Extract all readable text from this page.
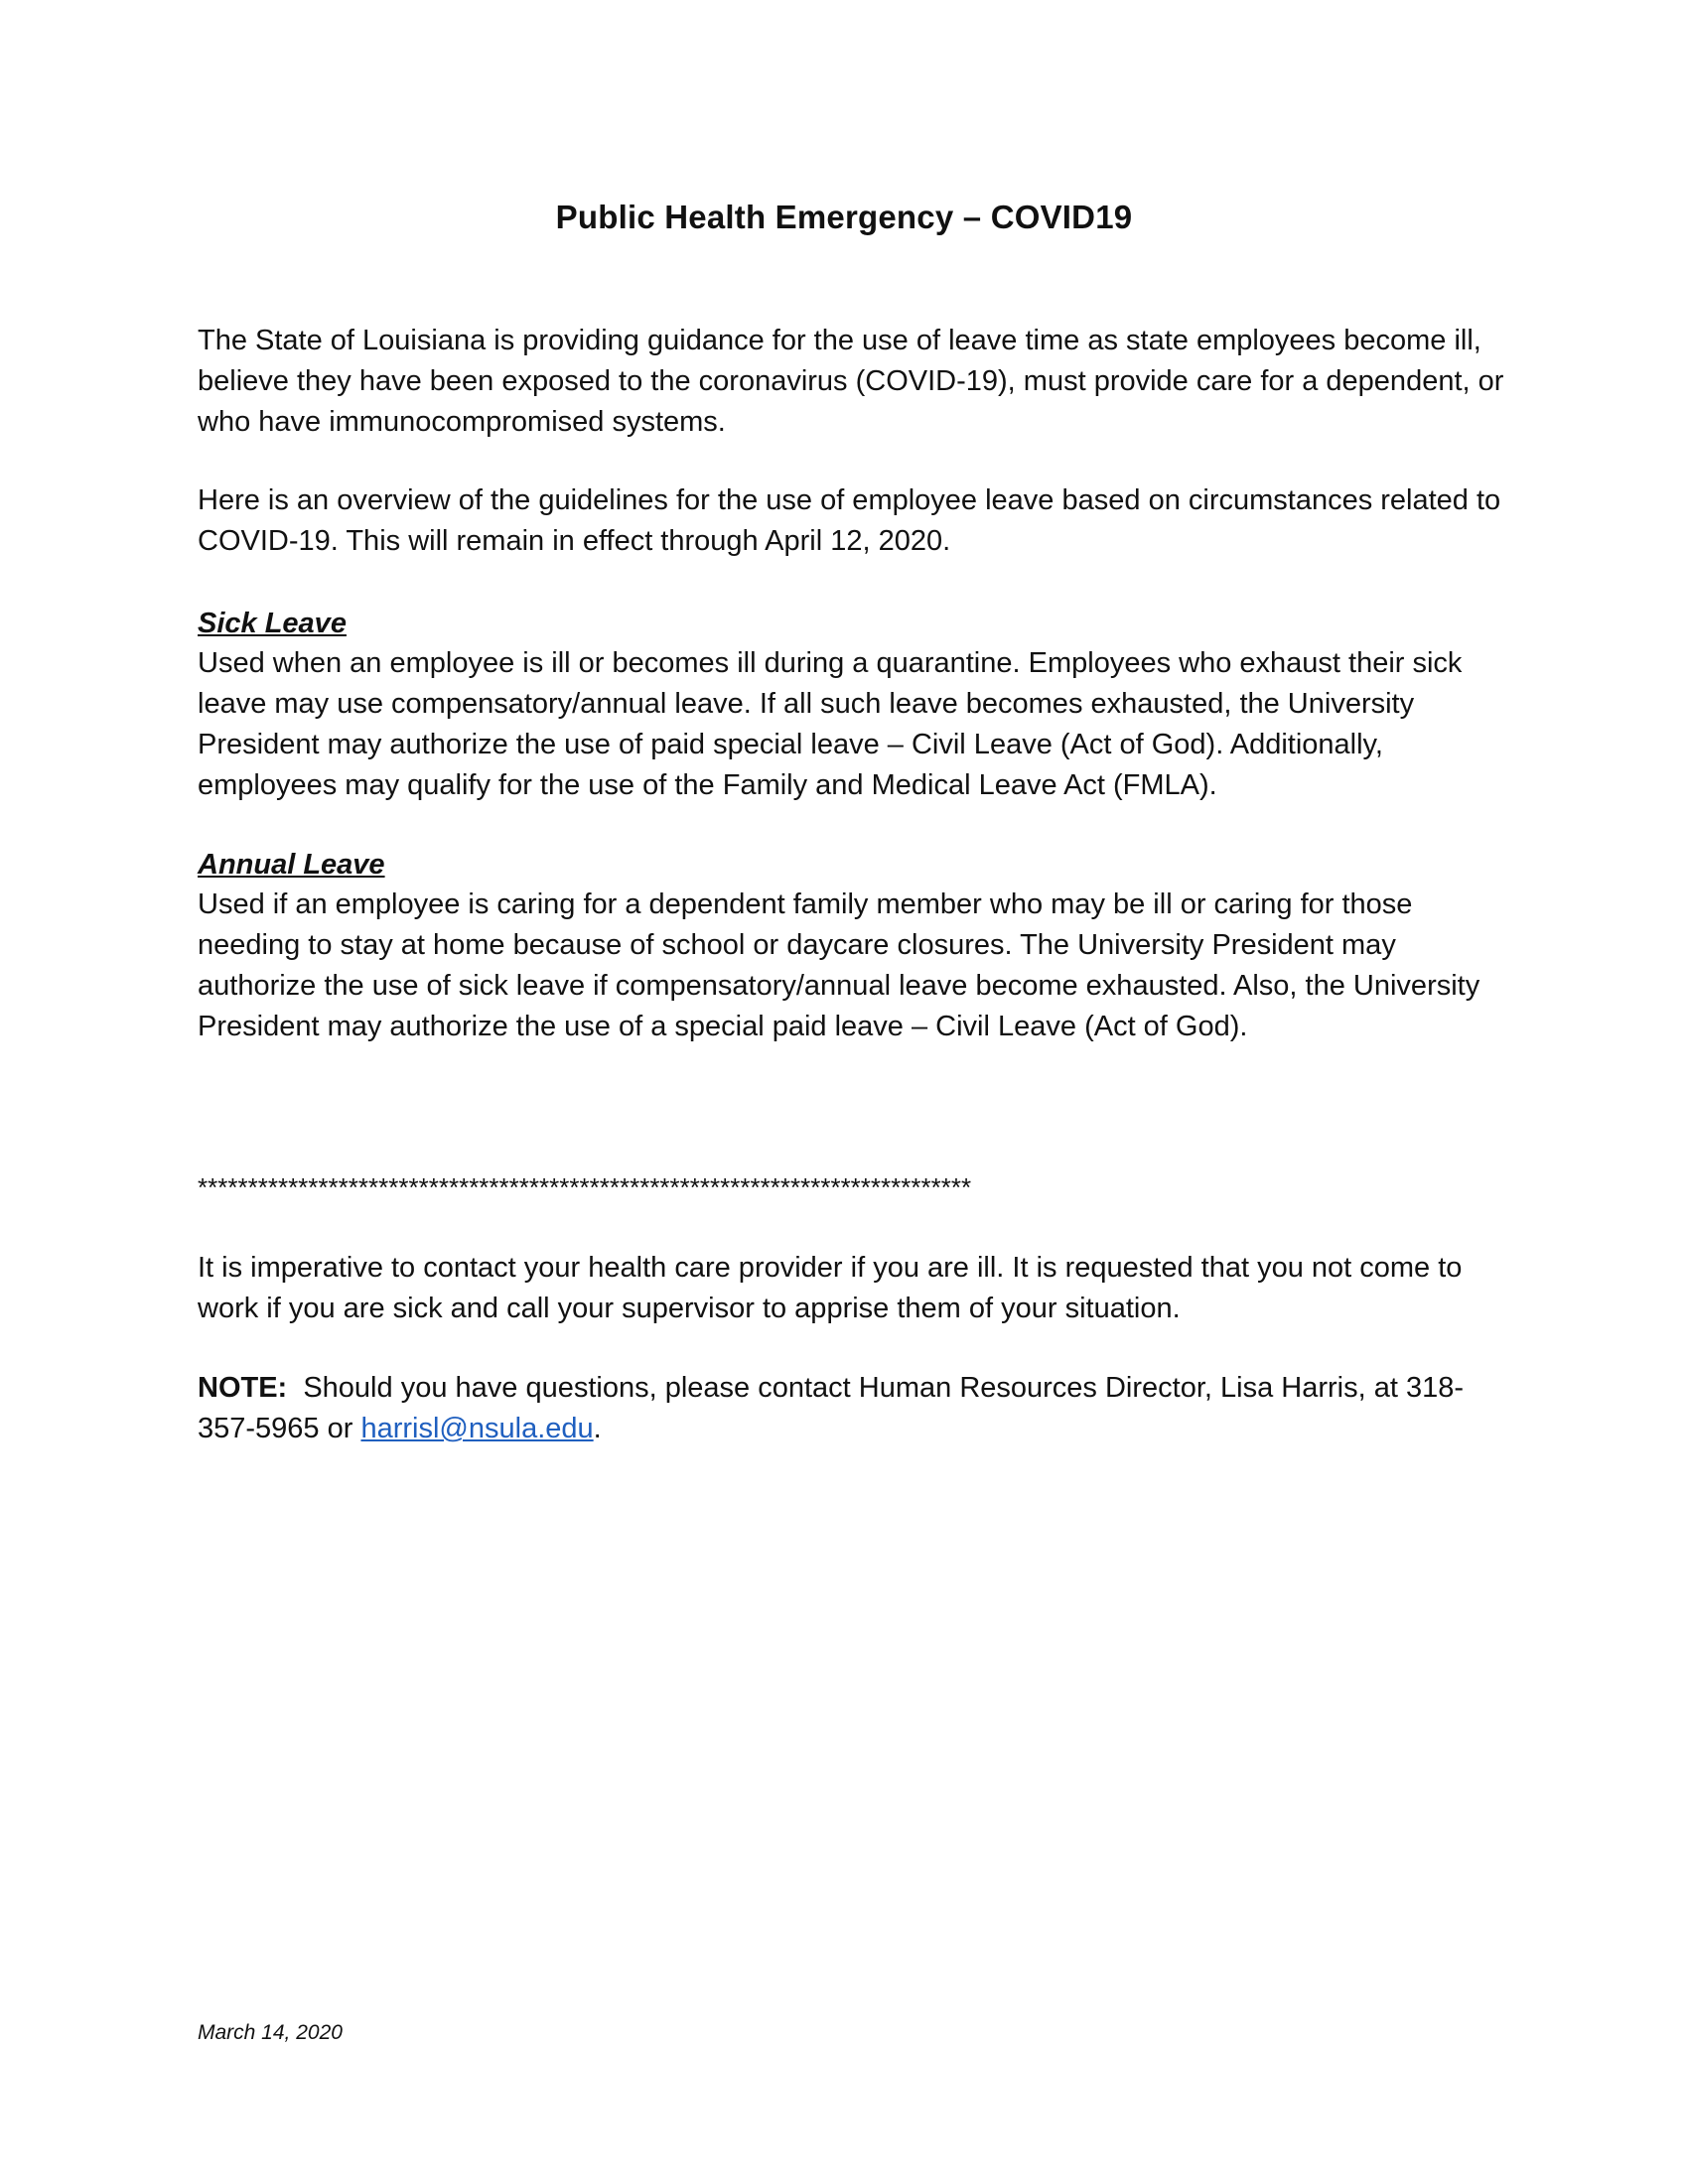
Public Health Emergency – COVID19

The State of Louisiana is providing guidance for the use of leave time as state employees become ill, believe they have been exposed to the coronavirus (COVID-19), must provide care for a dependent, or who have immunocompromised systems.

Here is an overview of the guidelines for the use of employee leave based on circumstances related to COVID-19. This will remain in effect through April 12, 2020.

Sick Leave

Used when an employee is ill or becomes ill during a quarantine. Employees who exhaust their sick leave may use compensatory/annual leave. If all such leave becomes exhausted, the University President may authorize the use of paid special leave – Civil Leave (Act of God). Additionally, employees may qualify for the use of the Family and Medical Leave Act (FMLA).

Annual Leave

Used if an employee is caring for a dependent family member who may be ill or caring for those needing to stay at home because of school or daycare closures. The University President may authorize the use of sick leave if compensatory/annual leave become exhausted. Also, the University President may authorize the use of a special paid leave – Civil Leave (Act of God).

*****************************************************************************

It is imperative to contact your health care provider if you are ill. It is requested that you not come to work if you are sick and call your supervisor to apprise them of your situation.

NOTE:  Should you have questions, please contact Human Resources Director, Lisa Harris, at 318-357-5965 or harrisl@nsula.edu.

March 14, 2020
